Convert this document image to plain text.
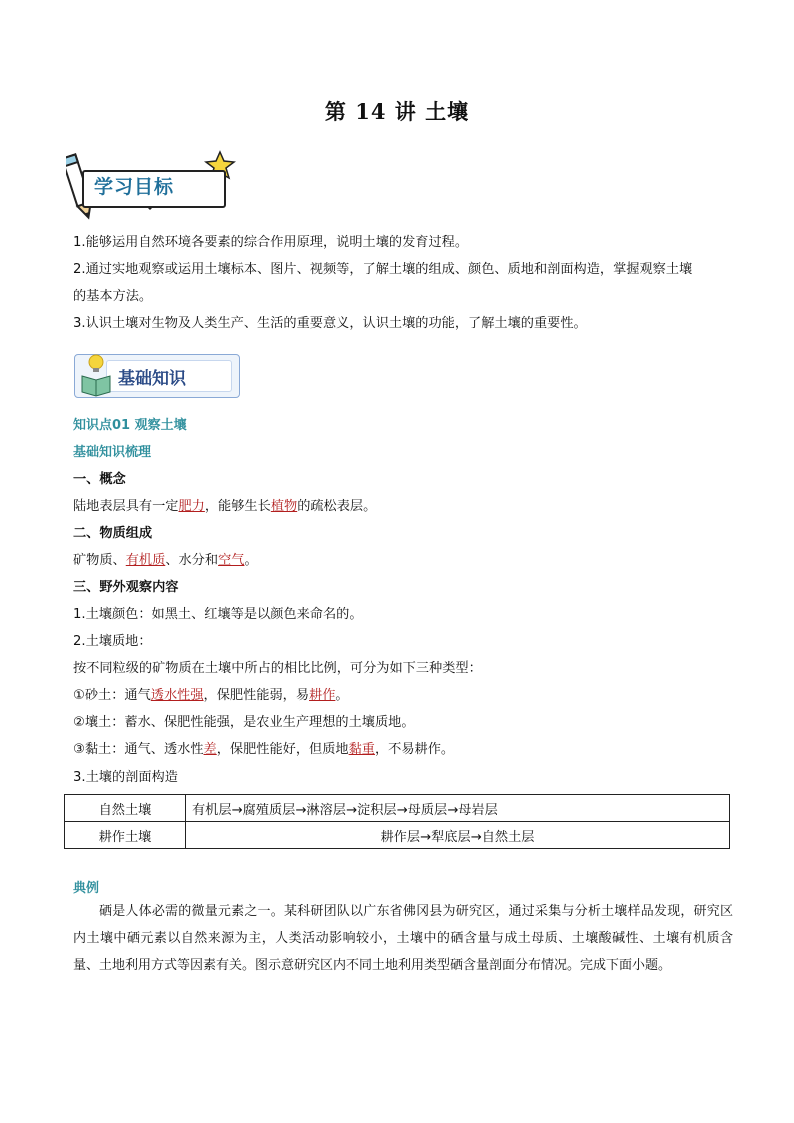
第 14 讲 土壤
学习目标
1.能够运用自然环境各要素的综合作用原理，说明土壤的发育过程。
2.通过实地观察或运用土壤标本、图片、视频等，了解土壤的组成、颜色、质地和剖面构造，掌握观察土壤
的基本方法。
3.认识土壤对生物及人类生产、生活的重要意义，认识土壤的功能，了解土壤的重要性。
基础知识
知识点01 观察土壤
基础知识梳理
一、概念
陆地表层具有一定肥力，能够生长植物的疏松表层。
二、物质组成
矿物质、有机质、水分和空气。
三、野外观察内容
1.土壤颜色：如黑土、红壤等是以颜色来命名的。
2.土壤质地：
按不同粒级的矿物质在土壤中所占的相比比例，可分为如下三种类型：
①砂土：通气透水性强，保肥性能弱，易耕作。
②壤土：蓄水、保肥性能强，是农业生产理想的土壤质地。
③黏土：通气、透水性差，保肥性能好，但质地黏重，不易耕作。
3.土壤的剖面构造
自然土壤	有机层→腐殖质层→淋溶层→淀积层→母质层→母岩层
耕作土壤	耕作层→犁底层→自然土层
典例
硒是人体必需的微量元素之一。某科研团队以广东省佛冈县为研究区，通过采集与分析土壤样品发现，研究区内土壤中硒元素以自然来源为主，人类活动影响较小，土壤中的硒含量与成土母质、土壤酸碱性、土壤有机质含量、土地利用方式等因素有关。图示意研究区内不同土地利用类型硒含量剖面分布情况。完成下面小题。
